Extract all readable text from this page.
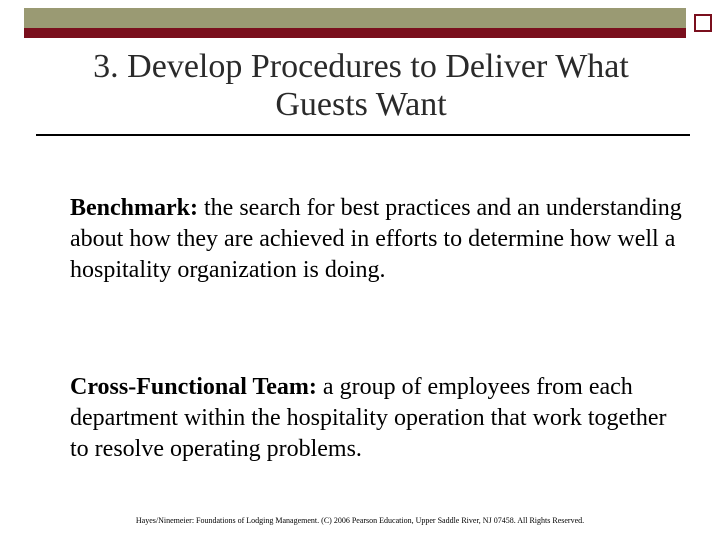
3. Develop Procedures to Deliver What
Guests Want
Benchmark: the search for best practices and an understanding about how they are achieved in efforts to determine how well a hospitality organization is doing.
Cross-Functional Team: a group of employees from each department within the hospitality operation that work together to resolve operating problems.
Hayes/Ninemeier: Foundations of Lodging Management. (C) 2006 Pearson Education, Upper Saddle River, NJ 07458. All Rights Reserved.
